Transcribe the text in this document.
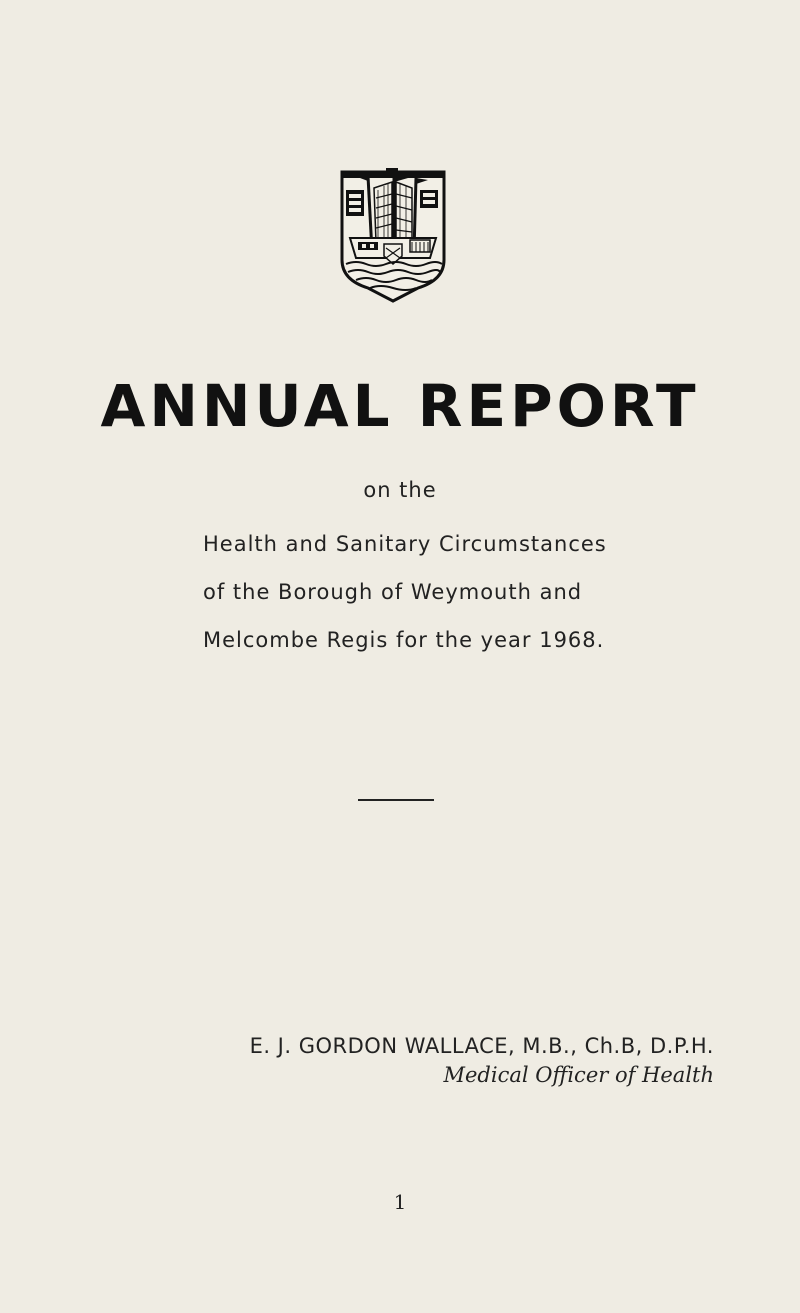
ANNUAL REPORT
on the
Health and Sanitary Circumstances
of the Borough of Weymouth and
Melcombe Regis for the year 1968.
E. J. GORDON WALLACE, M.B., Ch.B, D.P.H.
Medical Officer of Health
1
